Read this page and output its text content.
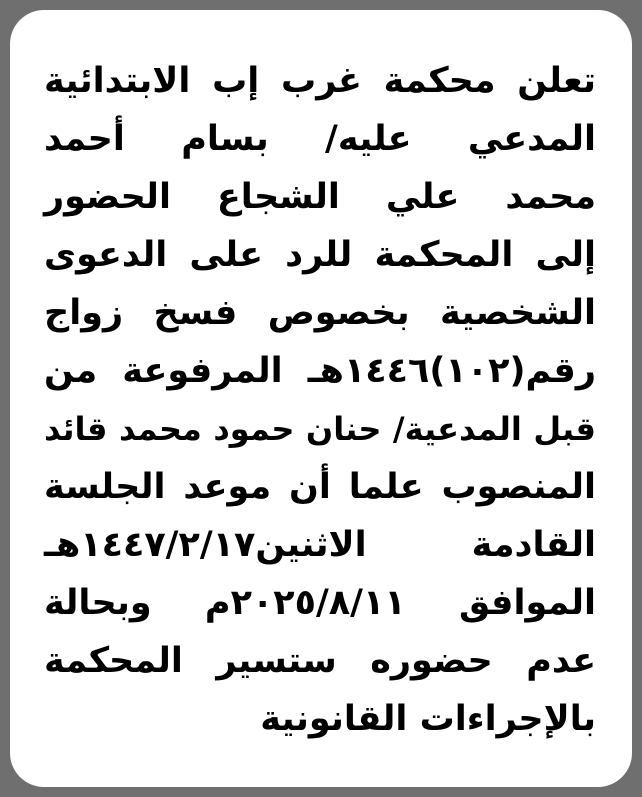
تعلن محكمة غرب إب الابتدائية
المدعي عليه/ بسام أحمد
محمد علي الشجاع الحضور
إلى المحكمة للرد على الدعوى
الشخصية بخصوص فسخ زواج
رقم(١٠٢)١٤٤٦هـ المرفوعة من
قبل المدعية/ حنان حمود محمد قائد
المنصوب علما أن موعد الجلسة
القادمة الاثنين١٤٤٧/٢/١٧هـ
الموافق ٢٠٢٥/٨/١١م وبحالة
عدم حضوره ستسير المحكمة
بالإجراءات القانونية
